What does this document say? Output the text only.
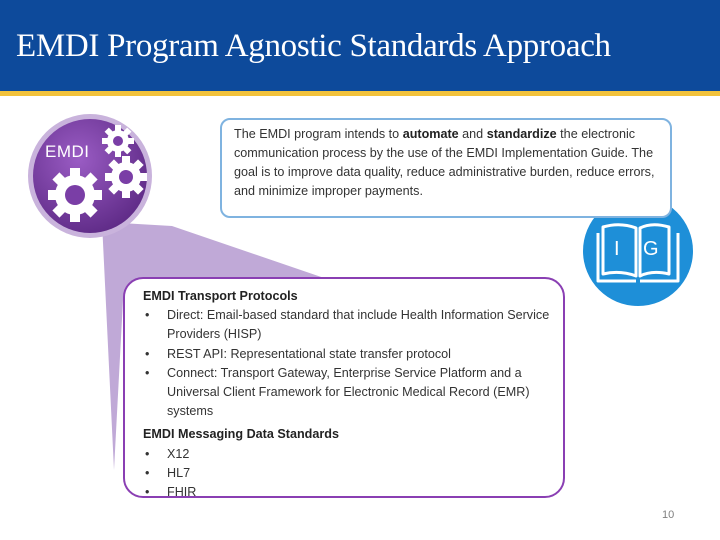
EMDI Program Agnostic Standards Approach
EMDI
I G
The EMDI program intends to automate and standardize the electronic communication process by the use of the EMDI Implementation Guide. The goal is to improve data quality, reduce administrative burden, reduce errors, and minimize improper payments.
EMDI Transport Protocols
• Direct: Email-based standard that include Health Information Service Providers (HISP)
• REST API: Representational state transfer protocol
• Connect: Transport Gateway, Enterprise Service Platform and a Universal Client Framework for Electronic Medical Record (EMR) systems
EMDI Messaging Data Standards
• X12
• HL7
• FHIR
10
